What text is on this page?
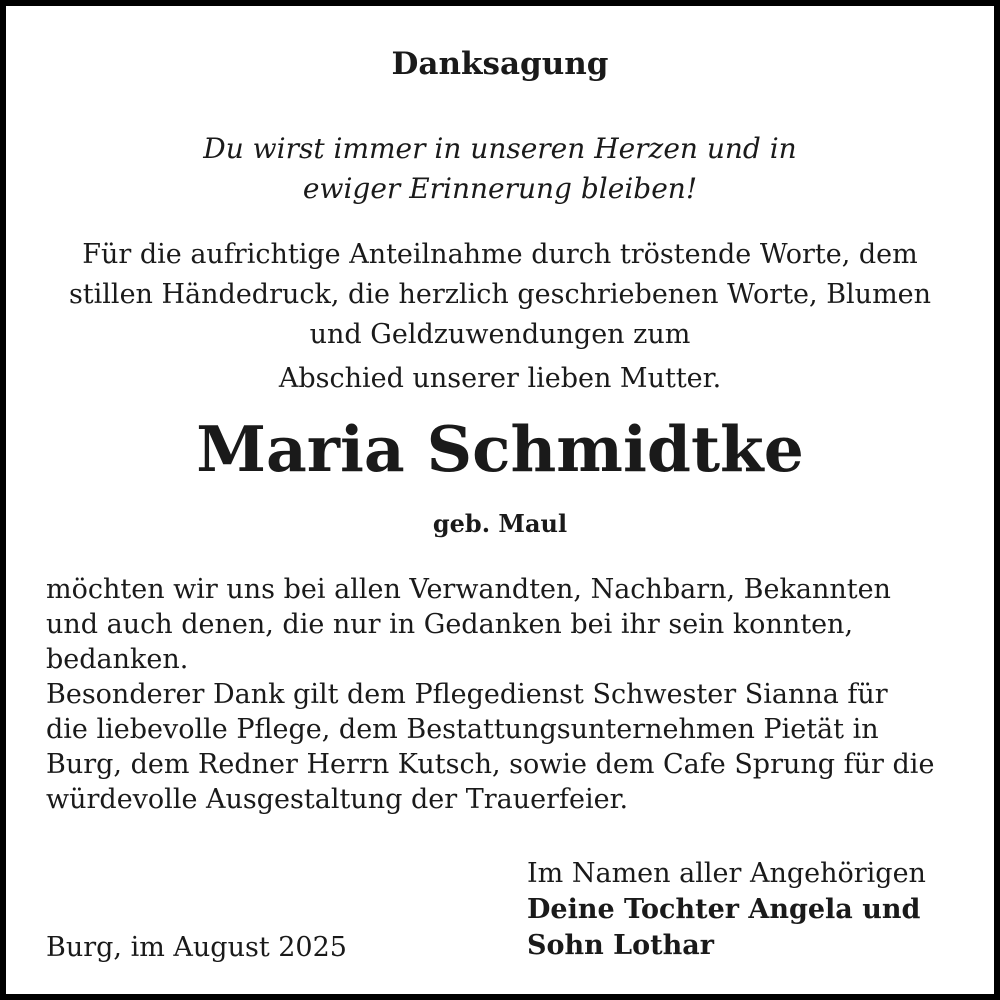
Danksagung
Du wirst immer in unseren Herzen und in
ewiger Erinnerung bleiben!
Für die aufrichtige Anteilnahme durch tröstende Worte, dem
stillen Händedruck, die herzlich geschriebenen Worte, Blumen
und Geldzuwendungen zum
Abschied unserer lieben Mutter.
Maria Schmidtke
geb. Maul
möchten wir uns bei allen Verwandten, Nachbarn, Bekannten
und auch denen, die nur in Gedanken bei ihr sein konnten,
bedanken.
Besonderer Dank gilt dem Pflegedienst Schwester Sianna für
die liebevolle Pflege, dem Bestattungsunternehmen Pietät in
Burg, dem Redner Herrn Kutsch, sowie dem Cafe Sprung für die
würdevolle Ausgestaltung der Trauerfeier.
Im Namen aller Angehörigen
Deine Tochter Angela und
Sohn Lothar
Burg, im August 2025
